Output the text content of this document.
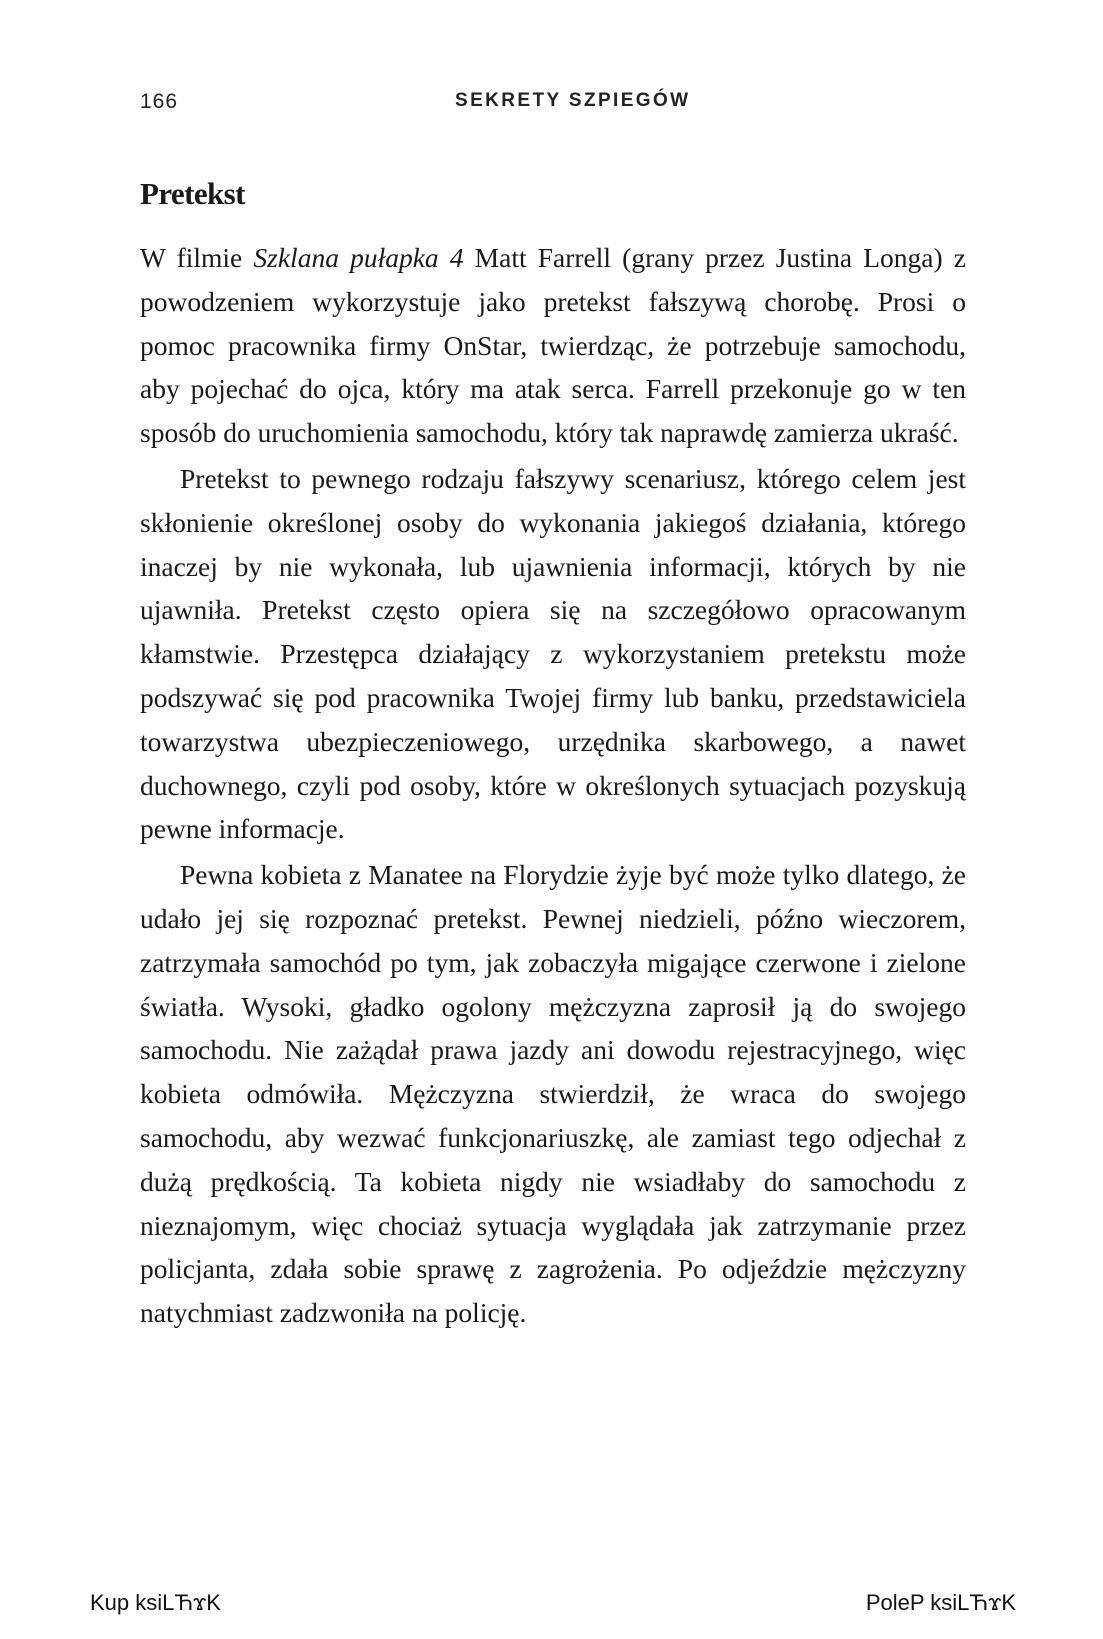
166	SEKRETY SZPIEGÓW
Pretekst

W filmie Szklana pułapka 4 Matt Farrell (grany przez Justina Longa) z powodzeniem wykorzystuje jako pretekst fałszywą chorobę. Prosi o pomoc pracownika firmy OnStar, twierdząc, że potrzebuje samochodu, aby pojechać do ojca, który ma atak serca. Farrell przekonuje go w ten sposób do uruchomienia samochodu, który tak naprawdę zamierza ukraść.

Pretekst to pewnego rodzaju fałszywy scenariusz, którego celem jest skłonienie określonej osoby do wykonania jakiegoś działania, którego inaczej by nie wykonała, lub ujawnienia informacji, których by nie ujawniła. Pretekst często opiera się na szczegółowo opracowanym kłamstwie. Przestępca działający z wykorzystaniem pretekstu może podszywać się pod pracownika Twojej firmy lub banku, przedstawiciela towarzystwa ubezpieczeniowego, urzędnika skarbowego, a nawet duchownego, czyli pod osoby, które w określonych sytuacjach pozyskują pewne informacje.

Pewna kobieta z Manatee na Florydzie żyje być może tylko dlatego, że udało jej się rozpoznać pretekst. Pewnej niedzieli, późno wieczorem, zatrzymała samochód po tym, jak zobaczyła migające czerwone i zielone światła. Wysoki, gładko ogolony mężczyzna zaprosił ją do swojego samochodu. Nie zażądał prawa jazdy ani dowodu rejestracyjnego, więc kobieta odmówiła. Mężczyzna stwierdził, że wraca do swojego samochodu, aby wezwać funkcjonariuszkę, ale zamiast tego odjechał z dużą prędkością. Ta kobieta nigdy nie wsiadłaby do samochodu z nieznajomym, więc chociaż sytuacja wyglądała jak zatrzymanie przez policjanta, zdała sobie sprawę z zagrożenia. Po odjeździe mężczyzny natychmiast zadzwoniła na policję.

Kup ksiLЋϫK	PoleP ksiLЋϫK
